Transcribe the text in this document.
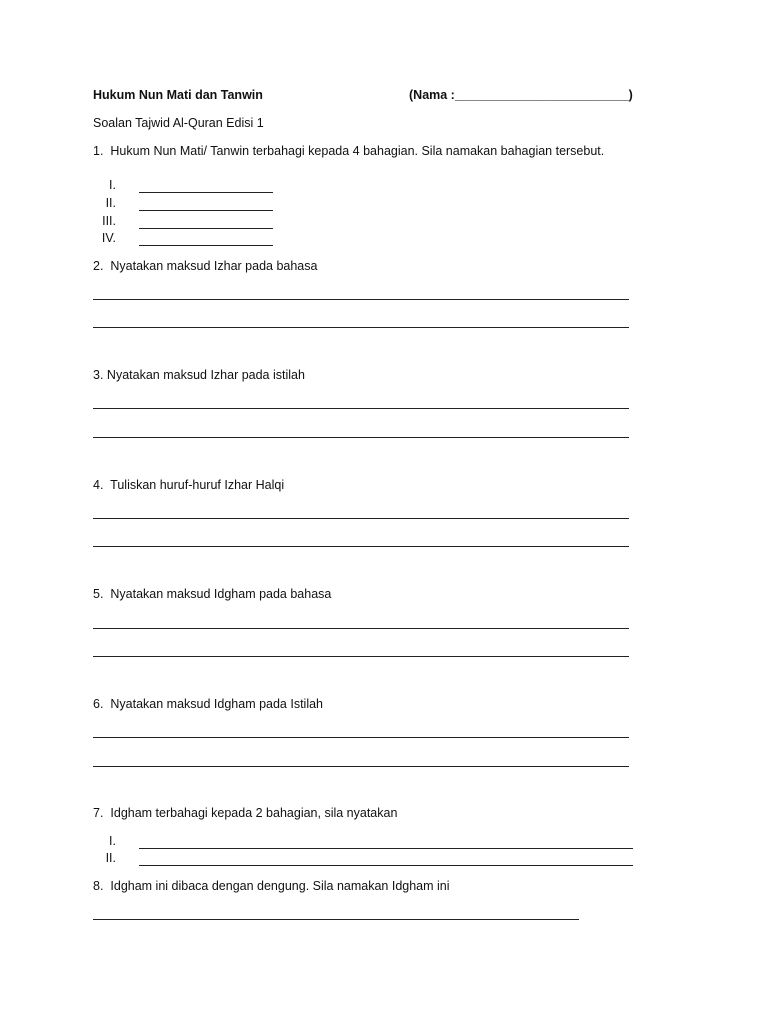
Hukum Nun Mati dan Tanwin	(Nama :_________________________)
Soalan Tajwid Al-Quran Edisi 1
1. Hukum Nun Mati/ Tanwin terbahagi kepada 4 bahagian. Sila namakan bahagian tersebut.
I.
II.
III.
IV.
2. Nyatakan maksud Izhar pada bahasa
3. Nyatakan maksud Izhar pada istilah
4. Tuliskan huruf-huruf Izhar Halqi
5. Nyatakan maksud Idgham pada bahasa
6. Nyatakan maksud Idgham pada Istilah
7. Idgham terbahagi kepada 2 bahagian, sila nyatakan
I.
II.
8. Idgham ini dibaca dengan dengung. Sila namakan Idgham ini
